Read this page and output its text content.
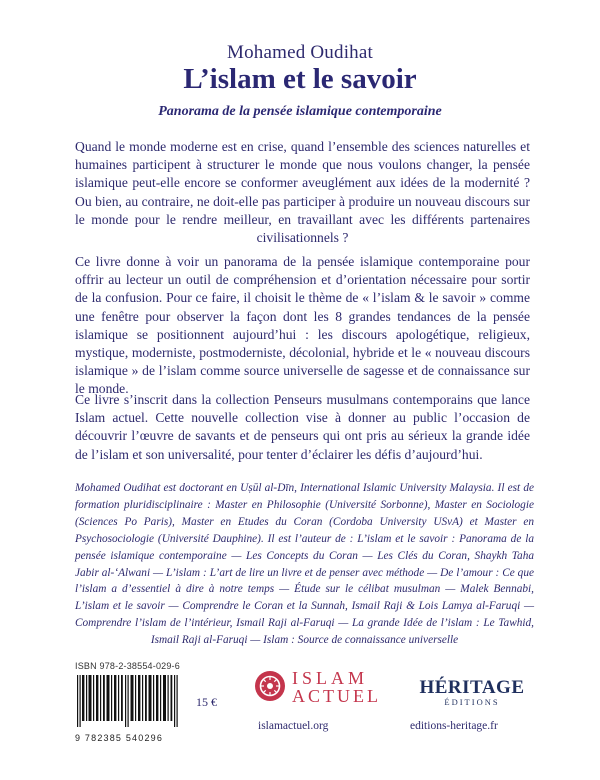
Mohamed Oudihat
L’islam et le savoir
Panorama de la pensée islamique contemporaine

Quand le monde moderne est en crise, quand l’ensemble des sciences naturelles et humaines participent à structurer le monde que nous voulons changer, la pensée islamique peut-elle encore se conformer aveuglément aux idées de la modernité ? Ou bien, au contraire, ne doit-elle pas participer à produire un nouveau discours sur le monde pour le rendre meilleur, en travaillant avec les différents partenaires civilisationnels ?

Ce livre donne à voir un panorama de la pensée islamique contemporaine pour offrir au lecteur un outil de compréhension et d’orientation nécessaire pour sortir de la confusion. Pour ce faire, il choisit le thème de « l’islam & le savoir » comme une fenêtre pour observer la façon dont les 8 grandes tendances de la pensée islamique se positionnent aujourd’hui : les discours apologétique, religieux, mystique, moderniste, postmoderniste, décolonial, hybride et le « nouveau discours islamique » de l’islam comme source universelle de sagesse et de connaissance sur le monde.

Ce livre s’inscrit dans la collection Penseurs musulmans contemporains que lance Islam actuel. Cette nouvelle collection vise à donner au public l’occasion de découvrir l’œuvre de savants et de penseurs qui ont pris au sérieux la grande idée de l’islam et son universalité, pour tenter d’éclairer les défis d’aujourd’hui.

Mohamed Oudihat est doctorant en Uṣūl al-Dīn, International Islamic University Malaysia. Il est de formation pluridisciplinaire : Master en Philosophie (Université Sorbonne), Master en Sociologie (Sciences Po Paris), Master en Etudes du Coran (Cordoba University USvA) et Master en Psychosociologie (Université Dauphine). Il est l’auteur de : L’islam et le savoir : Panorama de la pensée islamique contemporaine — Les Concepts du Coran — Les Clés du Coran, Shaykh Taha Jabir al-‘Alwani — L’islam : L’art de lire un livre et de penser avec méthode — De l’amour : Ce que l’islam a d’essentiel à dire à notre temps — Étude sur le célibat musulman — Malek Bennabi, L’islam et le savoir — Comprendre le Coran et la Sunnah, Ismail Raji & Lois Lamya al-Faruqi — Comprendre l’islam de l’intérieur, Ismail Raji al-Faruqi — La grande Idée de l’islam : Le Tawhid, Ismail Raji al-Faruqi — Islam : Source de connaissance universelle

ISBN 978-2-38554-029-6
9 782385 540296
15 €
ISLAM
ACTUEL
islamactuel.org
HÉRITAGE
ÉDITIONS
editions-heritage.fr
